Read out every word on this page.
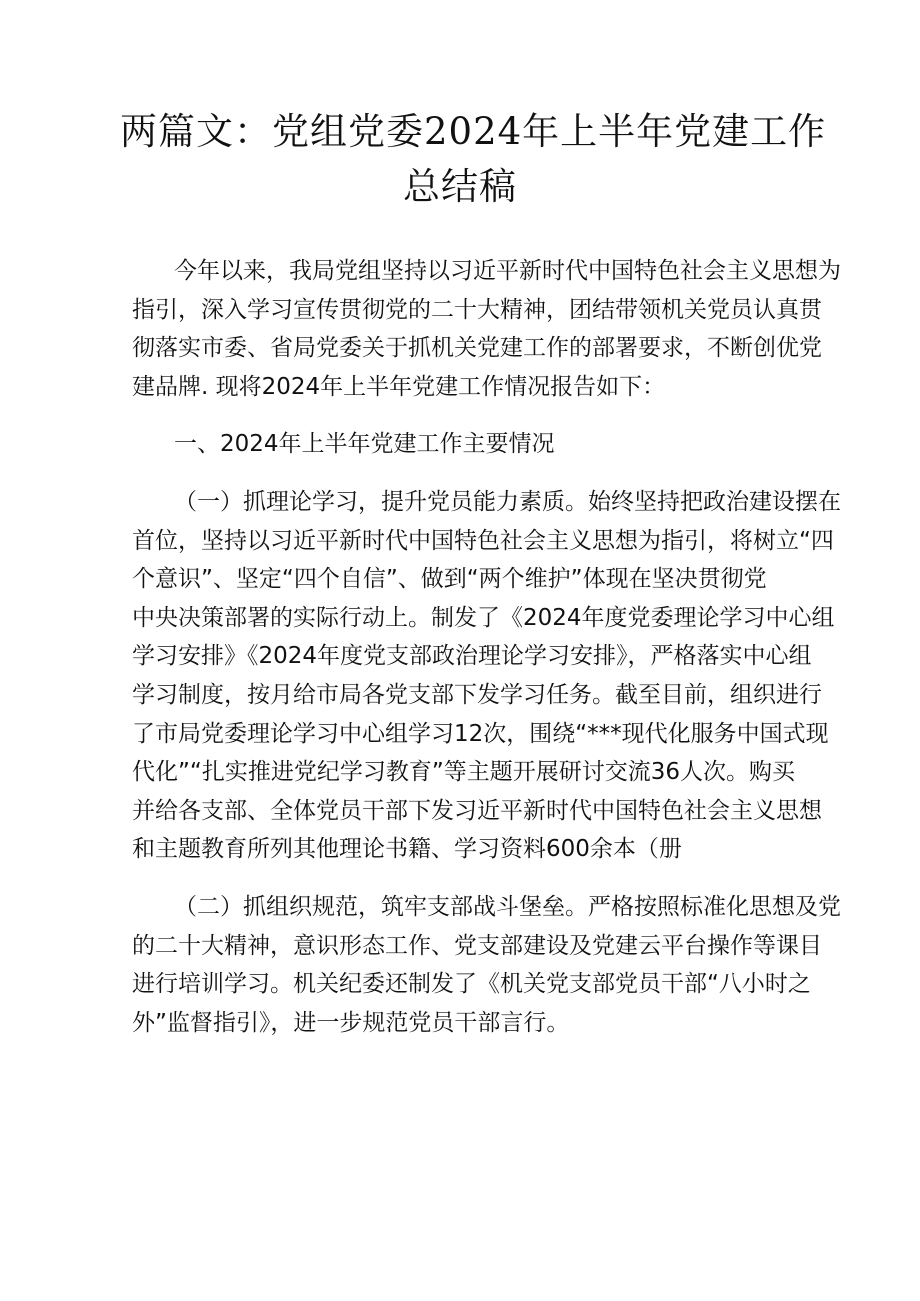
两篇文：党组党委2024年上半年党建工作
总结稿

今年以来，我局党组坚持以习近平新时代中国特色社会主义思想为
指引，深入学习宣传贯彻党的二十大精神，团结带领机关党员认真贯
彻落实市委、省局党委关于抓机关党建工作的部署要求，不断创优党
建品牌. 现将2024年上半年党建工作情况报告如下：

一、2024年上半年党建工作主要情况

（一）抓理论学习，提升党员能力素质。始终坚持把政治建设摆在
首位，坚持以习近平新时代中国特色社会主义思想为指引，将树立“四
个意识”、坚定“四个自信”、做到“两个维护”体现在坚决贯彻党
中央决策部署的实际行动上。制发了《2024年度党委理论学习中心组
学习安排》《2024年度党支部政治理论学习安排》，严格落实中心组
学习制度，按月给市局各党支部下发学习任务。截至目前，组织进行
了市局党委理论学习中心组学习12次，围绕“***现代化服务中国式现
代化”“扎实推进党纪学习教育”等主题开展研讨交流36人次。购买
并给各支部、全体党员干部下发习近平新时代中国特色社会主义思想
和主题教育所列其他理论书籍、学习资料600余本（册

（二）抓组织规范，筑牢支部战斗堡垒。严格按照标准化思想及党
的二十大精神，意识形态工作、党支部建设及党建云平台操作等课目
进行培训学习。机关纪委还制发了《机关党支部党员干部“八小时之
外”监督指引》，进一步规范党员干部言行。
